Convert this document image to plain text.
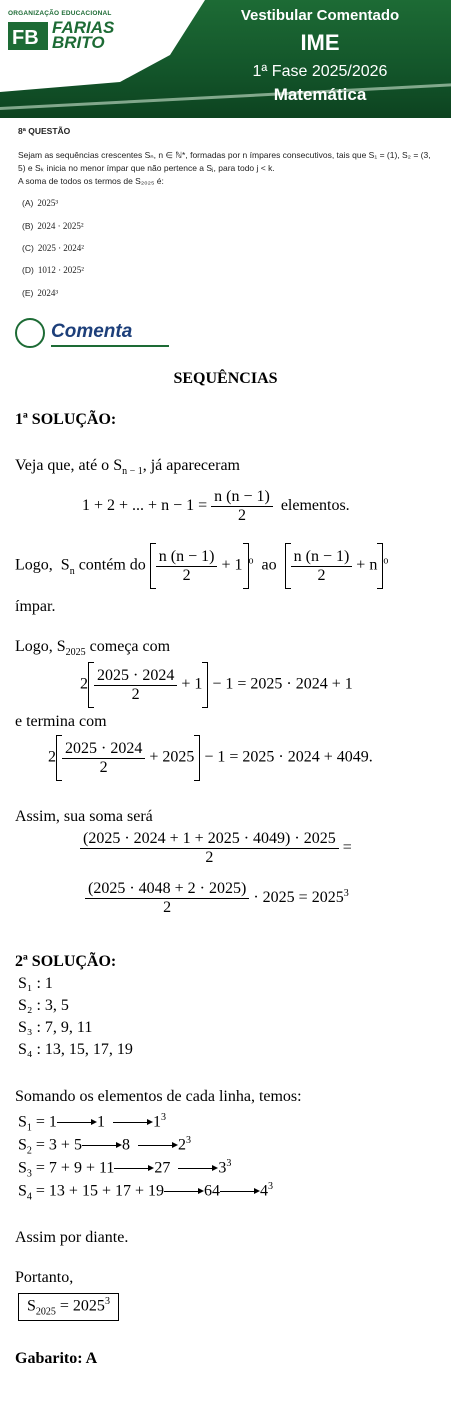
ORGANIZAÇÃO EDUCACIONAL
FB FARIAS
BRITO
Vestibular Comentado
IME
1ª Fase 2025/2026
Matemática
8ª QUESTÃO
Sejam as sequências crescentes Sₙ, n ∈ ℕ*, formadas por n ímpares consecutivos, tais que S₁ = (1), S₂ = (3, 5) e Sₖ inicia no menor ímpar que não pertence a Sⱼ, para todo j < k.
A soma de todos os termos de S₂₀₂₅ é:
(A) 2025³
(B) 2024 · 2025²
(C) 2025 · 2024²
(D) 1012 · 2025²
(E) 2024³
Comenta
SEQUÊNCIAS
1ª SOLUÇÃO:
Veja que, até o $S_{n - 1}$, já apareceram
1 + 2 + ... + $n - 1 = \frac{n (n - 1)}{2}$ elementos.
Logo,  $S_n$ contém do $\frac{n (n - 1)}{2} + 1$ $^o$ ao $\frac{n (n - 1)}{2} + n$ $^o$
ímpar.
Logo, $S_{2025}$ começa com
$2 \frac{2025 \cdot 2024}{2} + 1 - 1 = 2025 \cdot 2024 + 1$
e termina com
$2 \frac{2025 \cdot 2024}{2} + 2025 - 1 = 2025 \cdot 2024 + 4049$.
Assim, sua soma será
$\frac{(2025 \cdot 2024 + 1 + 2025 \cdot 4049) \cdot 2025}{2}$ =
$\frac{(2025 \cdot 4048 + 2 \cdot 2025)}{2} \cdot 2025 = 2025^3$
2ª SOLUÇÃO:
S₁ : 1
S₂ : 3, 5
S₃ : 7, 9, 11
S₄ : 13, 15, 17, 19
Somando os elementos de cada linha, temos:
$S_1 = 1$	1	$1^3$
$S_2 = 3 + 5$	8	$2^3$
$S_3 = 7 + 9 + 11$	27	$3^3$
$S_4 = 13 + 15 + 17 + 19$	64	$4^3$
Assim por diante.
Portanto,
$S_{2025} = 2025^3$
Gabarito: A
